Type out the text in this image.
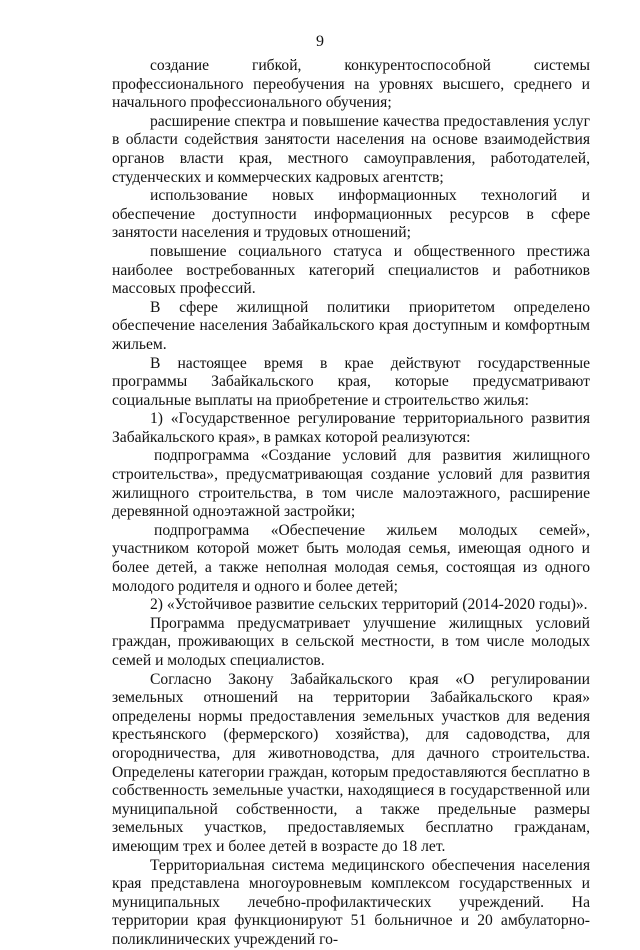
9

создание гибкой, конкурентоспособной системы профессионального переобучения на уровнях высшего, среднего и начального профессионального обучения;

расширение спектра и повышение качества предоставления услуг в области содействия занятости населения на основе взаимодействия органов власти края, местного самоуправления, работодателей, студенческих и коммерческих кадровых агентств;

использование новых информационных технологий и обеспечение доступности информационных ресурсов в сфере занятости населения и трудовых отношений;

повышение социального статуса и общественного престижа наиболее востребованных категорий специалистов и работников массовых профессий.

В сфере жилищной политики приоритетом определено обеспечение населения Забайкальского края доступным и комфортным жильем.

В настоящее время в крае действуют государственные программы Забайкальского края, которые предусматривают социальные выплаты на приобретение и строительство жилья:

1) «Государственное регулирование территориального развития Забайкальского края», в рамках которой реализуются:

подпрограмма «Создание условий для развития жилищного строительства», предусматривающая создание условий для развития жилищного строительства, в том числе малоэтажного, расширение деревянной одноэтажной застройки;

подпрограмма «Обеспечение жильем молодых семей», участником которой может быть молодая семья, имеющая одного и более детей, а также неполная молодая семья, состоящая из одного молодого родителя и одного и более детей;

2) «Устойчивое развитие сельских территорий (2014-2020 годы)».

Программа предусматривает улучшение жилищных условий граждан, проживающих в сельской местности, в том числе молодых семей и молодых специалистов.

Согласно Закону Забайкальского края «О регулировании земельных отношений на территории Забайкальского края» определены нормы предоставления земельных участков для ведения крестьянского (фермерского) хозяйства), для садоводства, для огородничества, для животноводства, для дачного строительства. Определены категории граждан, которым предоставляются бесплатно в собственность земельные участки, находящиеся в государственной или муниципальной собственности, а также предельные размеры земельных участков, предоставляемых бесплатно гражданам, имеющим трех и более детей в возрасте до 18 лет.

Территориальная система медицинского обеспечения населения края представлена многоуровневым комплексом государственных и муниципальных лечебно-профилактических учреждений. На территории края функционируют 51 больничное и 20 амбулаторно-поликлинических учреждений го-
